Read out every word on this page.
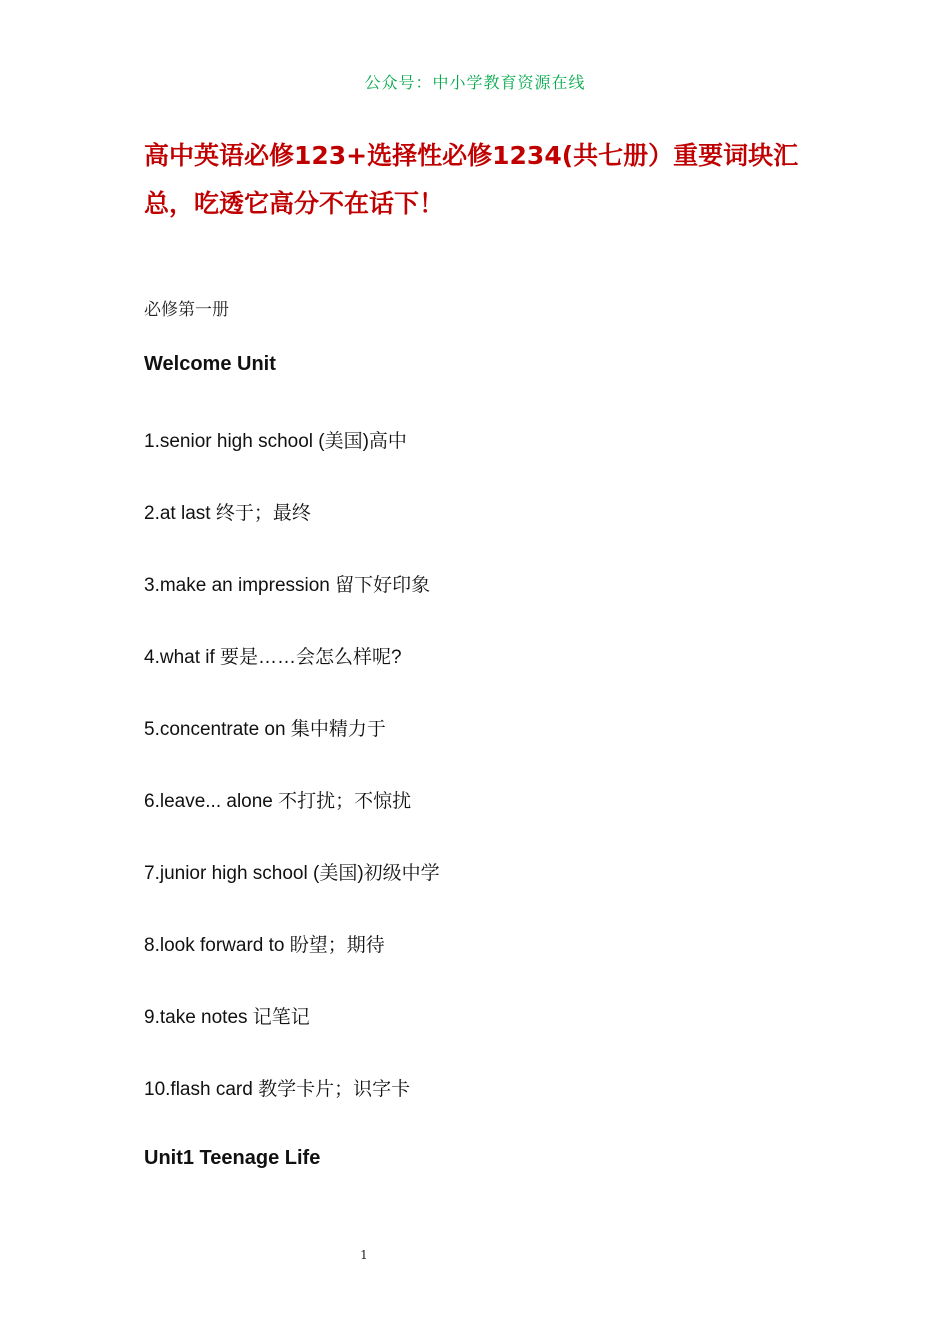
公众号：中小学教育资源在线
高中英语必修123+选择性必修1234(共七册）重要词块汇总，吃透它高分不在话下！
必修第一册
Welcome Unit
1.senior high school (美国)高中
2.at last 终于；最终
3.make an impression 留下好印象
4.what if 要是……会怎么样呢?
5.concentrate on 集中精力于
6.leave... alone 不打扰；不惊扰
7.junior high school (美国)初级中学
8.look forward to 盼望；期待
9.take notes 记笔记
10.flash card 教学卡片；识字卡
Unit1 Teenage Life
1
